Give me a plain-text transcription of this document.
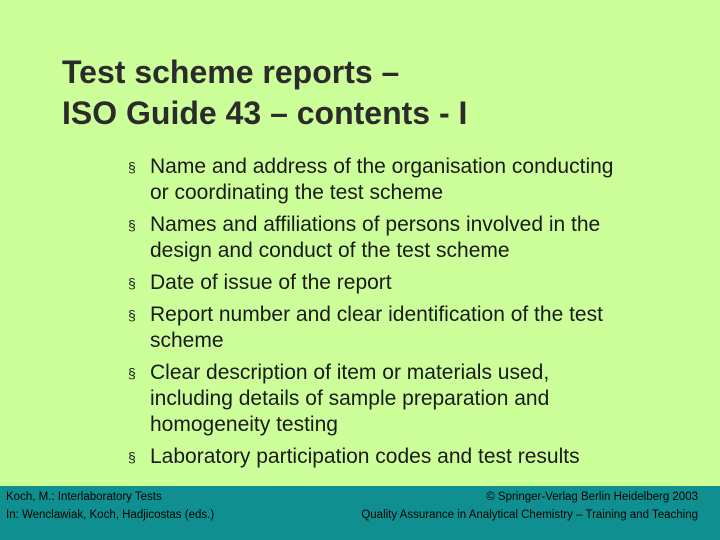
Test scheme reports –
ISO Guide 43 – contents - I
§ Name and address of the organisation conducting
or coordinating the test scheme
§ Names and affiliations of persons involved in the
design and conduct of the test scheme
§ Date of issue of the report
§ Report number and clear identification of the test
scheme
§ Clear description of item or materials used,
including details of sample preparation and
homogeneity testing
§ Laboratory participation codes and test results
Koch, M.: Interlaboratory Tests
In: Wenclawiak, Koch, Hadjicostas (eds.)
© Springer-Verlag Berlin Heidelberg 2003
Quality Assurance in Analytical Chemistry – Training and Teaching
